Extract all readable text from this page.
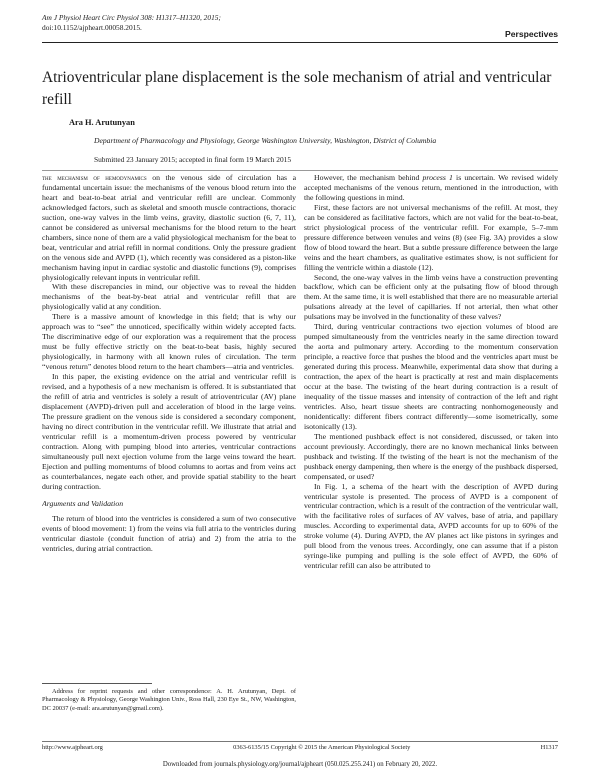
Am J Physiol Heart Circ Physiol 308: H1317–H1320, 2015;
doi:10.1152/ajpheart.00058.2015.
Perspectives
Atrioventricular plane displacement is the sole mechanism of atrial and ventricular refill
Ara H. Arutunyan
Department of Pharmacology and Physiology, George Washington University, Washington, District of Columbia
Submitted 23 January 2015; accepted in final form 19 March 2015

the mechanism of hemodynamics on the venous side of circulation has a fundamental uncertain issue: the mechanisms of the venous blood return into the heart and beat-to-beat atrial and ventricular refill are unclear. Commonly acknowledged factors, such as skeletal and smooth muscle contractions, thoracic suction, one-way valves in the limb veins, gravity, diastolic suction (6, 7, 11), cannot be considered as universal mechanisms for the blood return to the heart chambers, since none of them are a valid physiological mechanism for the beat to beat, ventricular and atrial refill in normal conditions. Only the pressure gradient on the venous side and AVPD (1), which recently was considered as a piston-like mechanism having input in cardiac systolic and diastolic functions (9), comprises physiologically relevant inputs in ventricular refill.

With these discrepancies in mind, our objective was to reveal the hidden mechanisms of the beat-by-beat atrial and ventricular refill that are physiologically valid at any condition.

There is a massive amount of knowledge in this field; that is why our approach was to “see” the unnoticed, specifically within widely accepted facts. The discriminative edge of our exploration was a requirement that the process must be fully effective strictly on the beat-to-beat basis, highly secured physiologically, in harmony with all known rules of circulation. The term “venous return” denotes blood return to the heart chambers—atria and ventricles.

In this paper, the existing evidence on the atrial and ventricular refill is revised, and a hypothesis of a new mechanism is offered. It is substantiated that the refill of atria and ventricles is solely a result of atrioventricular (AV) plane displacement (AVPD)-driven pull and acceleration of blood in the large veins. The pressure gradient on the venous side is considered a secondary component, having no direct contribution in the ventricular refill. We illustrate that atrial and ventricular refill is a momentum-driven process powered by ventricular contraction. Along with pumping blood into arteries, ventricular contractions simultaneously pull next ejection volume from the large veins toward the heart. Ejection and pulling momentums of blood columns to aortas and from veins act as counterbalances, negate each other, and provide spatial stability to the heart during contraction.

Arguments and Validation

The return of blood into the ventricles is considered a sum of two consecutive events of blood movement: 1) from the veins via full atria to the ventricles during ventricular diastole (conduit function of atria) and 2) from the atria to the ventricles, during atrial contraction.

However, the mechanism behind process 1 is uncertain. We revised widely accepted mechanisms of the venous return, mentioned in the introduction, with the following questions in mind.

First, these factors are not universal mechanisms of the refill. At most, they can be considered as facilitative factors, which are not valid for the beat-to-beat, strict physiological process of the ventricular refill. For example, 5–7-mm pressure difference between venules and veins (8) (see Fig. 3A) provides a slow flow of blood toward the heart. But a subtle pressure difference between the large veins and the heart chambers, as qualitative estimates show, is not sufficient for filling the ventricle within a diastole (12).

Second, the one-way valves in the limb veins have a construction preventing backflow, which can be efficient only at the pulsating flow of blood through them. At the same time, it is well established that there are no measurable arterial pulsations already at the level of capillaries. If not arterial, then what other pulsations may be involved in the functionality of these valves?

Third, during ventricular contractions two ejection volumes of blood are pumped simultaneously from the ventricles nearly in the same direction toward the aorta and pulmonary artery. According to the momentum conservation principle, a reactive force that pushes the blood and the ventricles apart must be generated during this process. Meanwhile, experimental data show that during a contraction, the apex of the heart is practically at rest and main displacements occur at the base. The twisting of the heart during contraction is a result of inequality of the tissue masses and intensity of contraction of the left and right ventricles. Also, heart tissue sheets are contracting nonhomogeneously and nonidentically: different fibers contract differently—some isometrically, some isotonically (13).

The mentioned pushback effect is not considered, discussed, or taken into account previously. Accordingly, there are no known mechanical links between pushback and twisting. If the twisting of the heart is not the mechanism of the pushback energy dampening, then where is the energy of the pushback dispersed, compensated, or used?

In Fig. 1, a schema of the heart with the description of AVPD during ventricular systole is presented. The process of AVPD is a component of ventricular contraction, which is a result of the contraction of the ventricular wall, with the facilitative roles of surfaces of AV valves, base of atria, and papillary muscles. According to experimental data, AVPD accounts for up to 60% of the stroke volume (4). During AVPD, the AV planes act like pistons in syringes and pull blood from the venous trees. Accordingly, one can assume that if a piston syringe-like pumping and pulling is the sole effect of AVPD, the 60% of ventricular refill can also be attributed to

Address for reprint requests and other correspondence: A. H. Arutunyan, Dept. of Pharmacology & Physiology, George Washington Univ., Ross Hall, 230 Eye St., NW, Washington, DC 20037 (e-mail: ara.arutunyan@gmail.com).
http://www.ajpheart.org	0363-6135/15 Copyright © 2015 the American Physiological Society	H1317
Downloaded from journals.physiology.org/journal/ajpheart (050.025.255.241) on February 20, 2022.
